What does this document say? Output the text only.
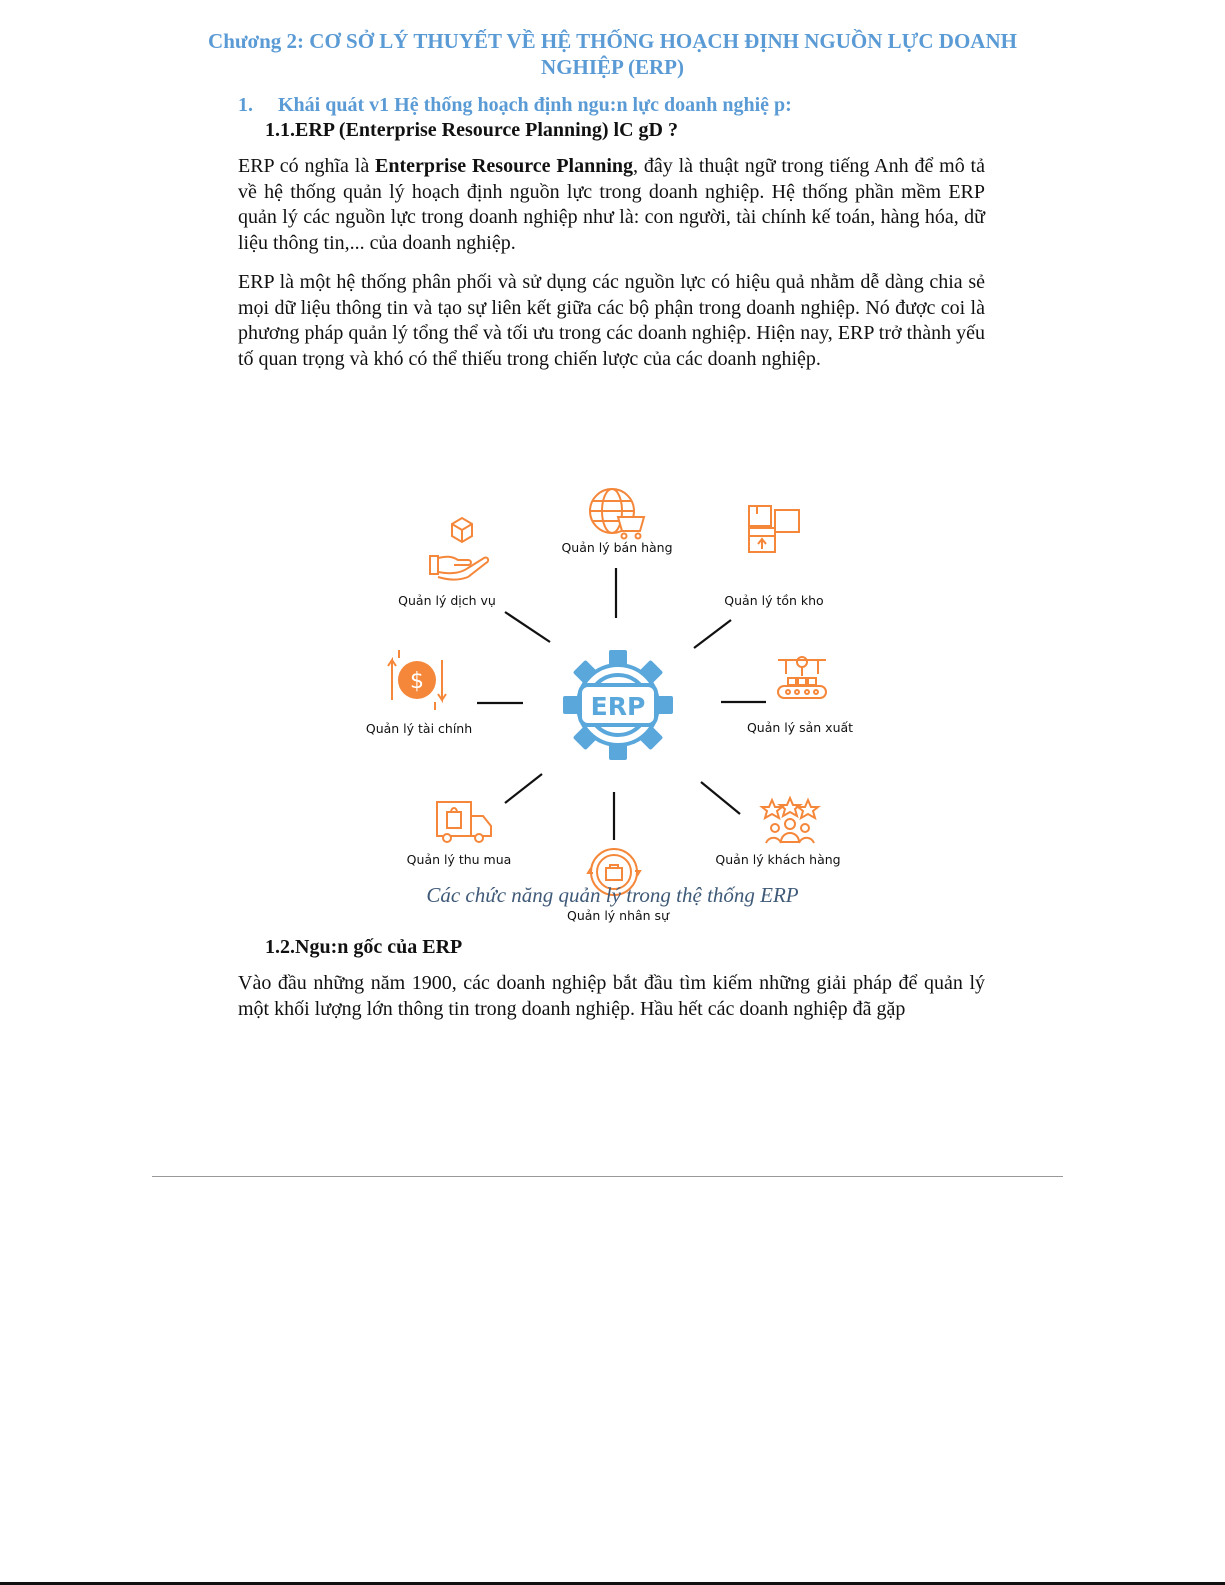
Chương 2: CƠ SỞ LÝ THUYẾT VỀ HỆ THỐNG HOẠCH ĐỊNH NGUỒN LỰC DOANH NGHIỆP (ERP)
1. Khái quát v1 Hệ thống hoạch định ngu:n lực doanh nghiệ p:
1.1.ERP (Enterprise Resource Planning) lC gD ?
ERP có nghĩa là Enterprise Resource Planning, đây là thuật ngữ trong tiếng Anh để mô tả về hệ thống quản lý hoạch định nguồn lực trong doanh nghiệp. Hệ thống phần mềm ERP quản lý các nguồn lực trong doanh nghiệp như là: con người, tài chính kế toán, hàng hóa, dữ liệu thông tin,... của doanh nghiệp.
ERP là một hệ thống phân phối và sử dụng các nguồn lực có hiệu quả nhằm dễ dàng chia sẻ mọi dữ liệu thông tin và tạo sự liên kết giữa các bộ phận trong doanh nghiệp. Nó được coi là phương pháp quản lý tổng thể và tối ưu trong các doanh nghiệp. Hiện nay, ERP trở thành yếu tố quan trọng và khó có thể thiếu trong chiến lược của các doanh nghiệp.
ERP
$
Quản lý bán hàng
Quản lý tồn kho
Quản lý sản xuất
Quản lý khách hàng
Quản lý nhân sự
Quản lý thu mua
Quản lý tài chính
Quản lý dịch vụ
Các chức năng quản lý trong thệ thống ERP
1.2.Ngu:n gốc của ERP
Vào đầu những năm 1900, các doanh nghiệp bắt đầu tìm kiếm những giải pháp để quản lý một khối lượng lớn thông tin trong doanh nghiệp. Hầu hết các doanh nghiệp đã gặp
